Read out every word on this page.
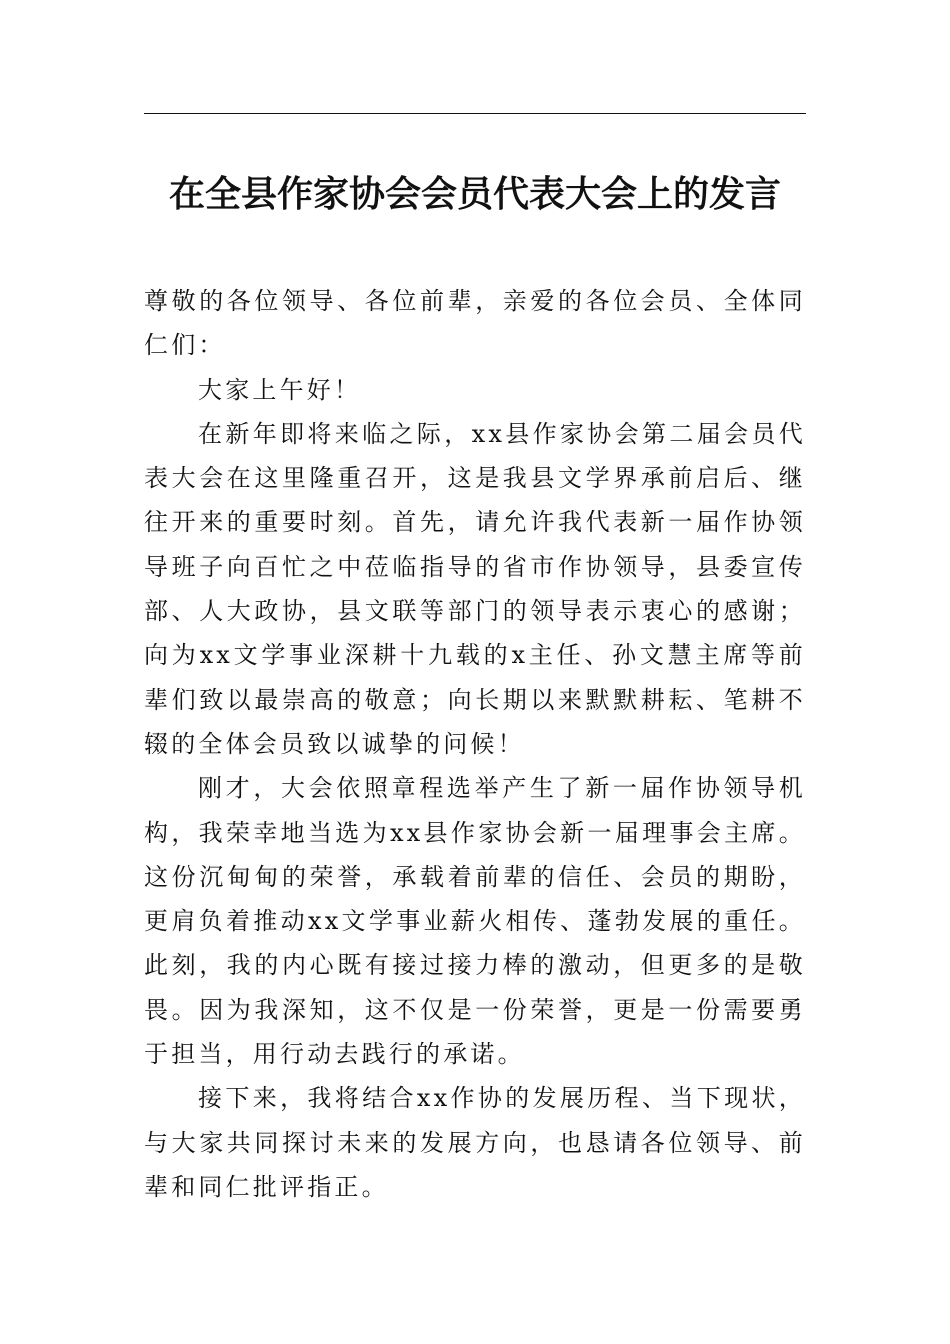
在全县作家协会会员代表大会上的发言

尊敬的各位领导、各位前辈，亲爱的各位会员、全体同仁们：

大家上午好！

在新年即将来临之际，xx县作家协会第二届会员代表大会在这里隆重召开，这是我县文学界承前启后、继往开来的重要时刻。首先，请允许我代表新一届作协领导班子向百忙之中莅临指导的省市作协领导，县委宣传部、人大政协，县文联等部门的领导表示衷心的感谢；向为xx文学事业深耕十九载的x主任、孙文慧主席等前辈们致以最崇高的敬意；向长期以来默默耕耘、笔耕不辍的全体会员致以诚挚的问候！

刚才，大会依照章程选举产生了新一届作协领导机构，我荣幸地当选为xx县作家协会新一届理事会主席。这份沉甸甸的荣誉，承载着前辈的信任、会员的期盼，更肩负着推动xx文学事业薪火相传、蓬勃发展的重任。此刻，我的内心既有接过接力棒的激动，但更多的是敬畏。因为我深知，这不仅是一份荣誉，更是一份需要勇于担当，用行动去践行的承诺。

接下来，我将结合xx作协的发展历程、当下现状，与大家共同探讨未来的发展方向，也恳请各位领导、前辈和同仁批评指正。
